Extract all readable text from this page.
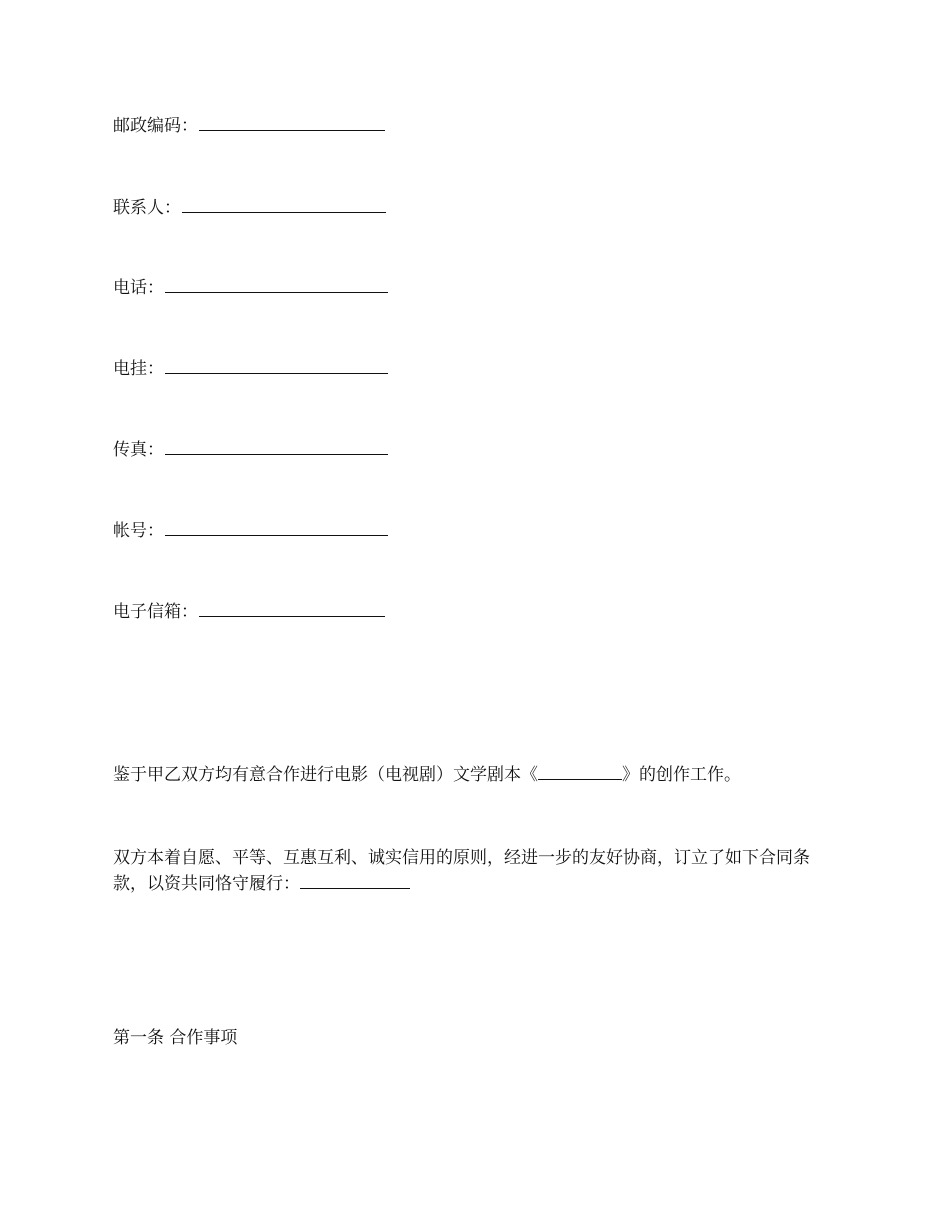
邮政编码：
联系人：
电话：
电挂：
传真：
帐号：
电子信箱：
鉴于甲乙双方均有意合作进行电影（电视剧）文学剧本《	》的创作工作。
双方本着自愿、平等、互惠互利、诚实信用的原则，经进一步的友好协商，订立了如下合同条款，以资共同恪守履行：
第一条 合作事项
